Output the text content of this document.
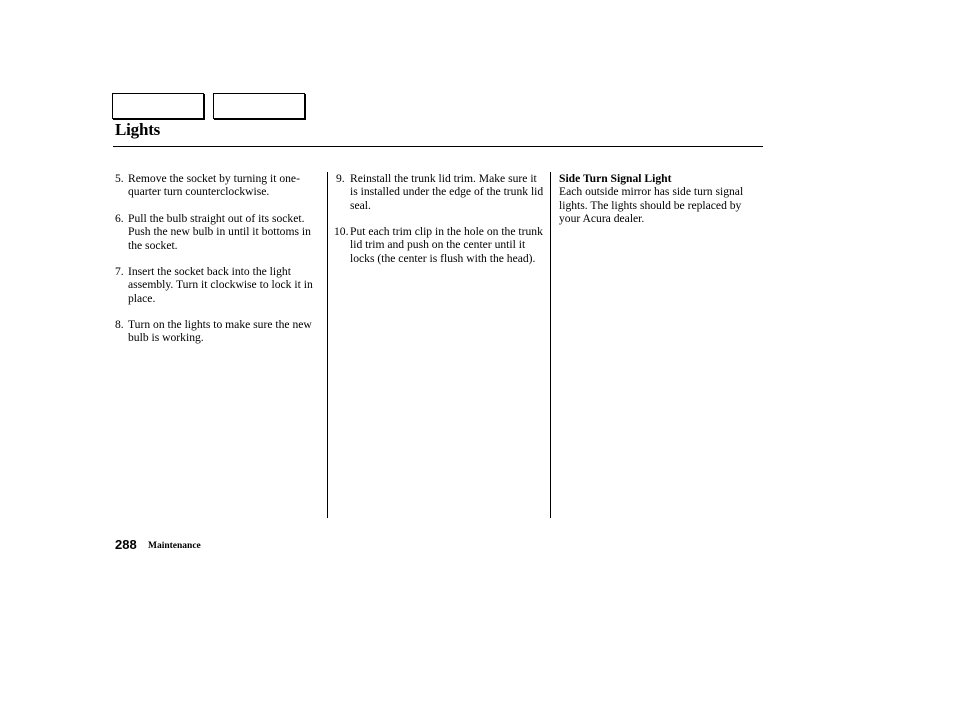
Lights
5. Remove the socket by turning it one-quarter turn counterclockwise.
6. Pull the bulb straight out of its socket. Push the new bulb in until it bottoms in the socket.
7. Insert the socket back into the light assembly. Turn it clockwise to lock it in place.
8. Turn on the lights to make sure the new bulb is working.
9. Reinstall the trunk lid trim. Make sure it is installed under the edge of the trunk lid seal.
10. Put each trim clip in the hole on the trunk lid trim and push on the center until it locks (the center is flush with the head).
Side Turn Signal Light
Each outside mirror has side turn signal lights. The lights should be replaced by your Acura dealer.
288 Maintenance
